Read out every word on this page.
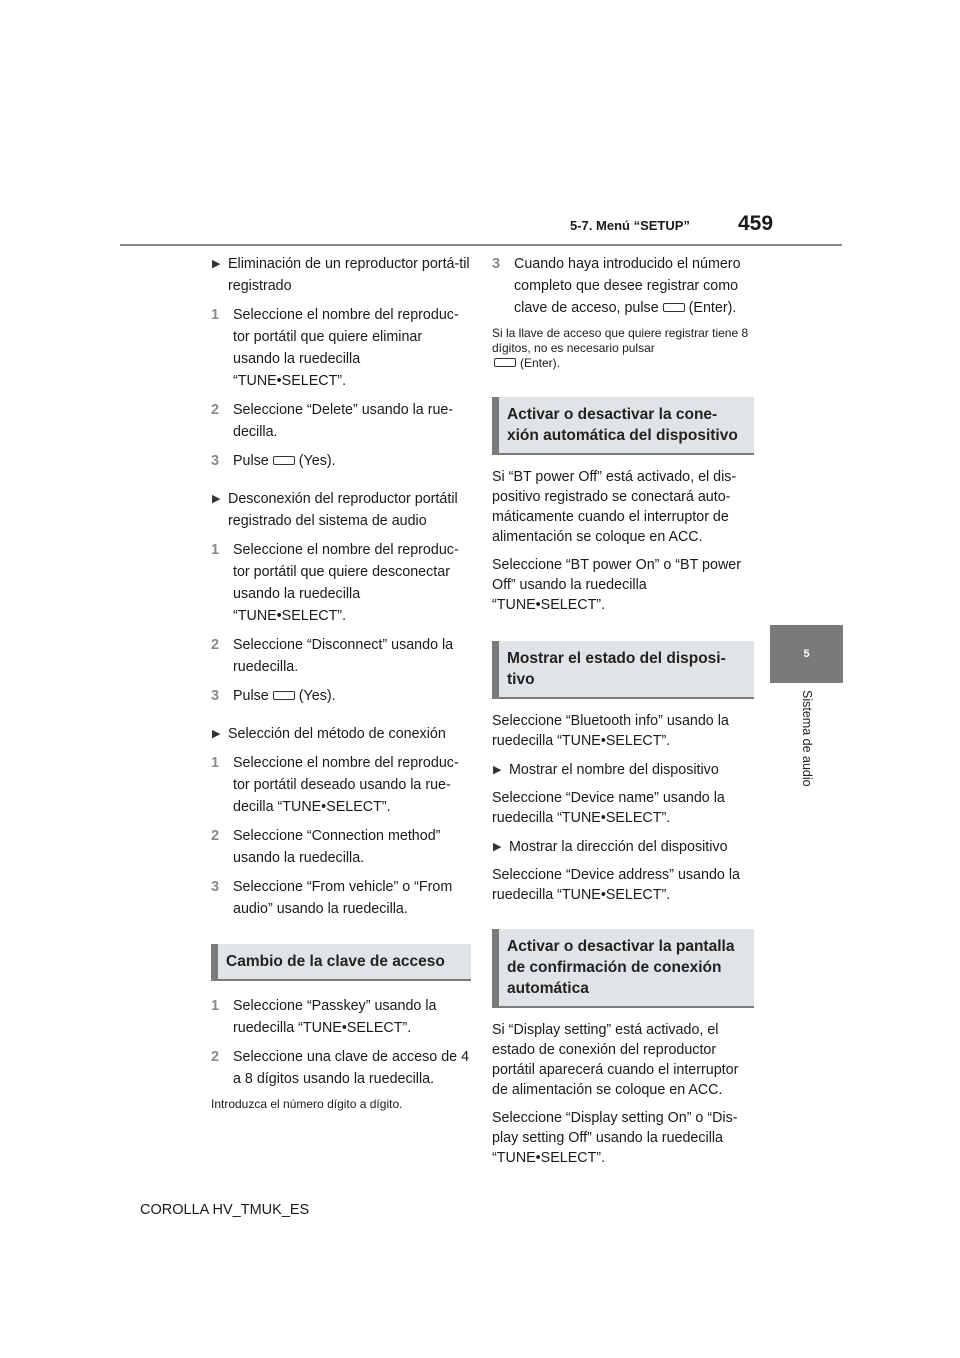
5-7. Menú “SETUP” 459
5
Sistema de audio
▶ Eliminación de un reproductor portá-til registrado
1 Seleccione el nombre del reproduc-tor portátil que quiere eliminar usando la ruedecilla “TUNE•SELECT”.
2 Seleccione “Delete” usando la rue-decilla.
3 Pulse (Yes).
▶ Desconexión del reproductor portátil registrado del sistema de audio
1 Seleccione el nombre del reproduc-tor portátil que quiere desconectar usando la ruedecilla “TUNE•SELECT”.
2 Seleccione “Disconnect” usando la ruedecilla.
3 Pulse (Yes).
▶ Selección del método de conexión
1 Seleccione el nombre del reproduc-tor portátil deseado usando la rue-decilla “TUNE•SELECT”.
2 Seleccione “Connection method” usando la ruedecilla.
3 Seleccione “From vehicle” o “From audio” usando la ruedecilla.
Cambio de la clave de acceso
1 Seleccione “Passkey” usando la ruedecilla “TUNE•SELECT”.
2 Seleccione una clave de acceso de 4 a 8 dígitos usando la ruedecilla.
Introduzca el número dígito a dígito.
3 Cuando haya introducido el número completo que desee registrar como clave de acceso, pulse (Enter).
Si la llave de acceso que quiere registrar tiene 8 dígitos, no es necesario pulsar
(Enter).
Activar o desactivar la cone-xión automática del dispositivo

Si “BT power Off” está activado, el dis-positivo registrado se conectará auto-máticamente cuando el interruptor de alimentación se coloque en ACC.

Seleccione “BT power On” o “BT power Off” usando la ruedecilla “TUNE•SELECT”.

Mostrar el estado del disposi-tivo

Seleccione “Bluetooth info” usando la ruedecilla “TUNE•SELECT”.

▶ Mostrar el nombre del dispositivo

Seleccione “Device name” usando la ruedecilla “TUNE•SELECT”.

▶ Mostrar la dirección del dispositivo

Seleccione “Device address” usando la ruedecilla “TUNE•SELECT”.

Activar o desactivar la pantalla de confirmación de conexión automática

Si “Display setting” está activado, el estado de conexión del reproductor portátil aparecerá cuando el interruptor de alimentación se coloque en ACC.

Seleccione “Display setting On” o “Dis-play setting Off” usando la ruedecilla “TUNE•SELECT”.

COROLLA HV_TMUK_ES
